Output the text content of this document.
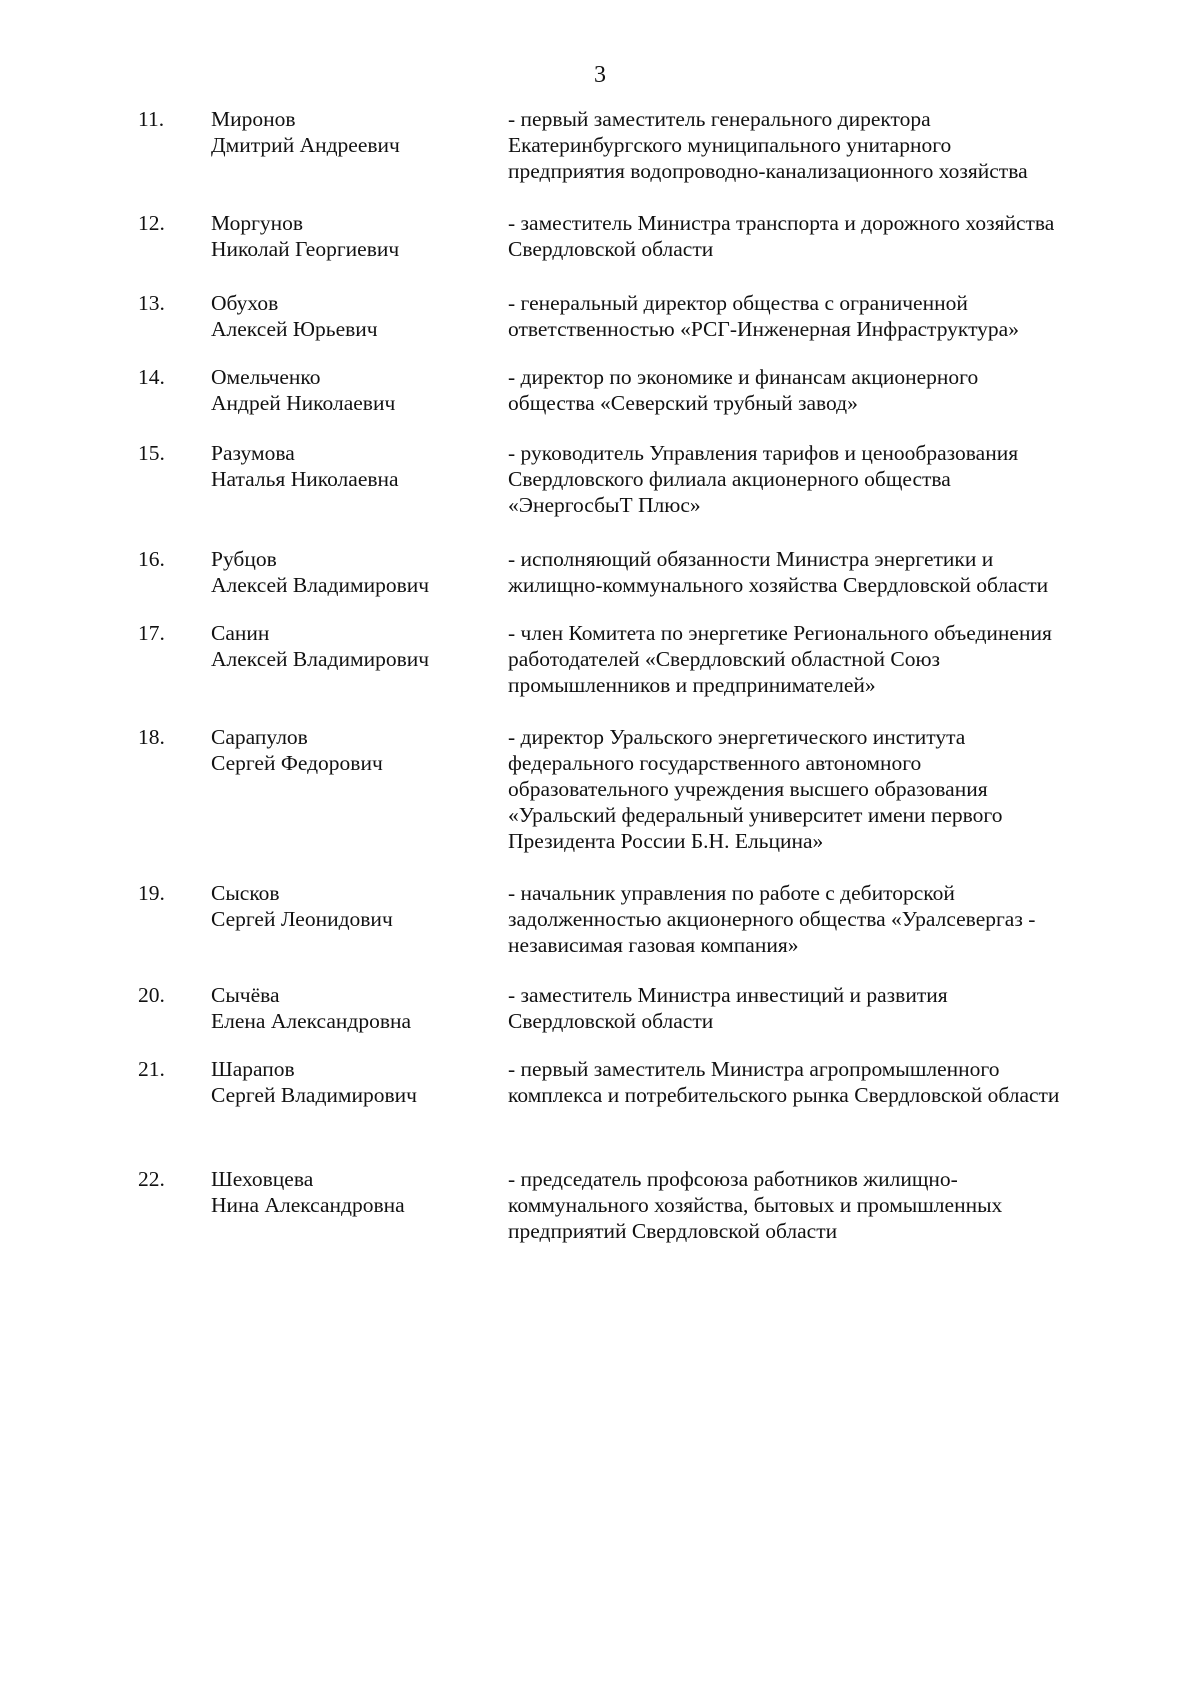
3
11. Миронов
Дмитрий Андреевич
- первый заместитель генерального директора
Екатеринбургского муниципального унитарного
предприятия водопроводно-канализационного хозяйства
12. Моргунов
Николай Георгиевич
- заместитель Министра транспорта и дорожного хозяйства
Свердловской области
13. Обухов
Алексей Юрьевич
- генеральный директор общества с ограниченной
ответственностью «РСГ-Инженерная Инфраструктура»
14. Омельченко
Андрей Николаевич
- директор по экономике и финансам акционерного
общества «Северский трубный завод»
15. Разумова
Наталья Николаевна
- руководитель Управления тарифов и ценообразования
Свердловского филиала акционерного общества
«ЭнергосбыТ Плюс»
16. Рубцов
Алексей Владимирович
- исполняющий обязанности Министра энергетики и
жилищно-коммунального хозяйства Свердловской области
17. Санин
Алексей Владимирович
- член Комитета по энергетике Регионального объединения
работодателей «Свердловский областной Союз
промышленников и предпринимателей»
18. Сарапулов
Сергей Федорович
- директор Уральского энергетического института
федерального государственного автономного
образовательного учреждения высшего образования
«Уральский федеральный университет имени первого
Президента России Б.Н. Ельцина»
19. Сысков
Сергей Леонидович
- начальник управления по работе с дебиторской
задолженностью акционерного общества «Уралсевергаз -
независимая газовая компания»
20. Сычёва
Елена Александровна
- заместитель Министра инвестиций и развития
Свердловской области
21. Шарапов
Сергей Владимирович
- первый заместитель Министра агропромышленного
комплекса и потребительского рынка Свердловской области
22. Шеховцева
Нина Александровна
- председатель профсоюза работников жилищно-
коммунального хозяйства, бытовых и промышленных
предприятий Свердловской области
